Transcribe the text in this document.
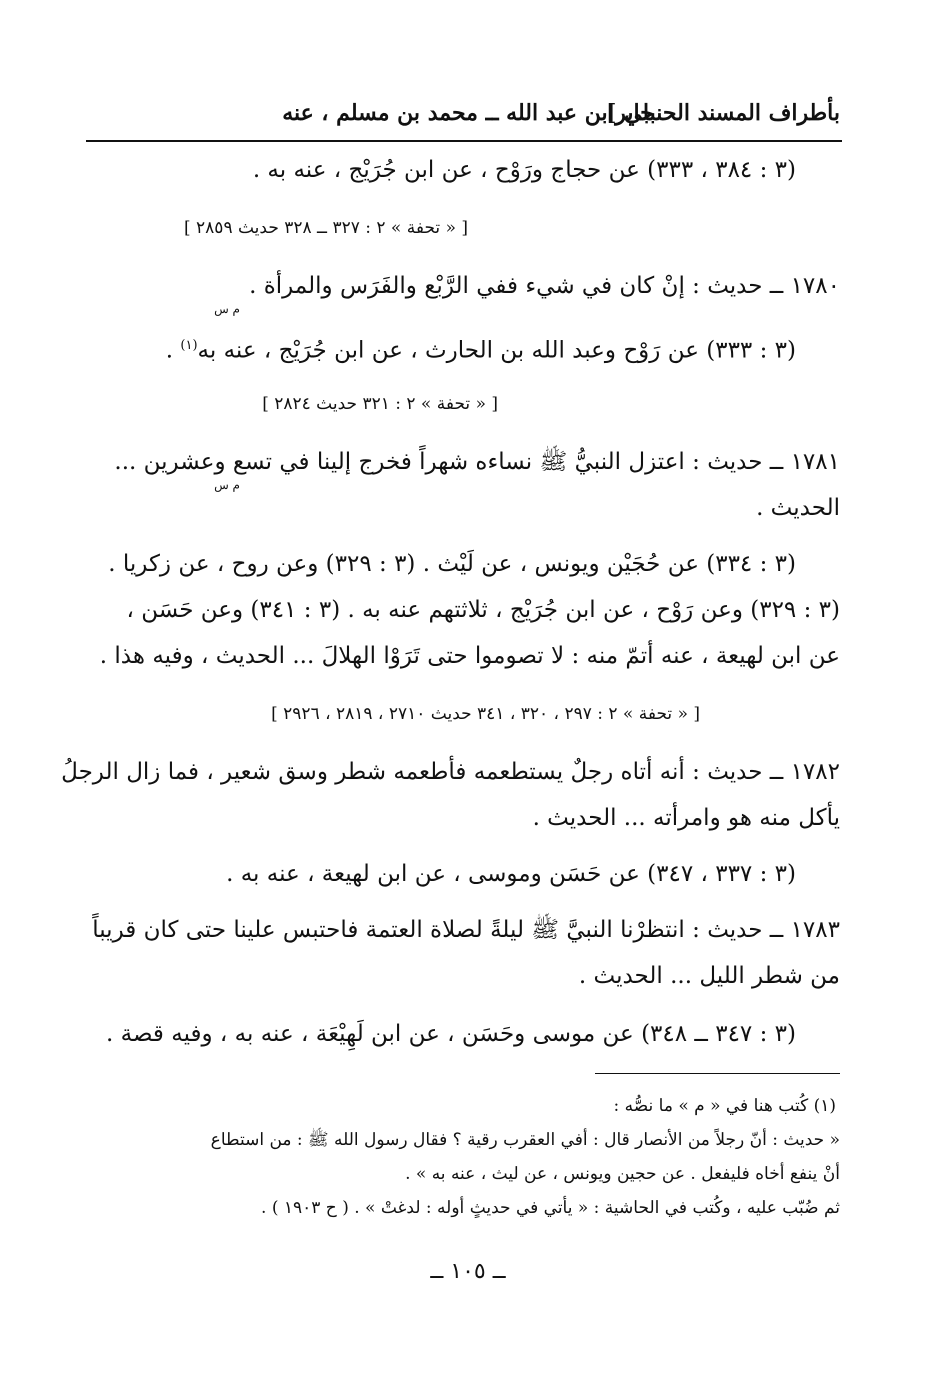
بأطراف المسند الحنبلي ]
جابر بن عبد الله ــ محمد بن مسلم ، عنه
(٣ : ٣٨٤ ، ٣٣٣) عن حجاج ورَوْح ، عن ابن جُرَيْج ، عنه به .
[ « تحفة » ٢ : ٣٢٧ ــ ٣٢٨ حديث ٢٨٥٩ ]
١٧٨٠ ــ حديث : إنْ كان في شيء ففي الرَّبْع والفَرَس والمرأة .
م س
(٣ : ٣٣٣) عن رَوْح وعبد الله بن الحارث ، عن ابن جُرَيْج ، عنه به$^{(١)}$ .
[ « تحفة » ٢ : ٣٢١ حديث ٢٨٢٤ ]
١٧٨١ ــ حديث : اعتزل النبيُّ ﷺ نساءه شهراً فخرج إلينا في تسع وعشرين ...
م س
الحديث .
(٣ : ٣٣٤) عن حُجَيْن ويونس ، عن لَيْث . (٣ : ٣٢٩) وعن روح ، عن زكريا .
(٣ : ٣٢٩) وعن رَوْح ، عن ابن جُرَيْج ، ثلاثتهم عنه به . (٣ : ٣٤١) وعن حَسَن ،
عن ابن لهيعة ، عنه أتمّ منه : لا تصوموا حتى تَرَوْا الهلالَ ... الحديث ، وفيه هذا .
[ « تحفة » ٢ : ٢٩٧ ، ٣٢٠ ، ٣٤١ حديث ٢٧١٠ ، ٢٨١٩ ، ٢٩٢٦ ]
١٧٨٢ ــ حديث : أنه أتاه رجلٌ يستطعمه فأطعمه شطر وسق شعير ، فما زال الرجلُ
يأكل منه هو وامرأته ... الحديث .
(٣ : ٣٣٧ ، ٣٤٧) عن حَسَن وموسى ، عن ابن لهيعة ، عنه به .
١٧٨٣ ــ حديث : انتظرْنا النبيَّ ﷺ ليلةً لصلاة العتمة فاحتبس علينا حتى كان قريباً
من شطر الليل ... الحديث .
(٣ : ٣٤٧ ــ ٣٤٨) عن موسى وحَسَن ، عن ابن لَهِيْعَة ، عنه به ، وفيه قصة .
(١) كُتب هنا في « م » ما نصُّه :
« حديث : أنّ رجلاً من الأنصار قال : أفي العقرب رقية ؟ فقال رسول الله ﷺ : من استطاع
أنْ ينفع أخاه فليفعل . عن حجين ويونس ، عن ليث ، عنه به » .
ثم ضُبّب عليه ، وكُتب في الحاشية : « يأتي في حديثٍ أوله : لدغتْ » . ( ح ١٩٠٣ ) .
ــ ١٠٥ ــ
